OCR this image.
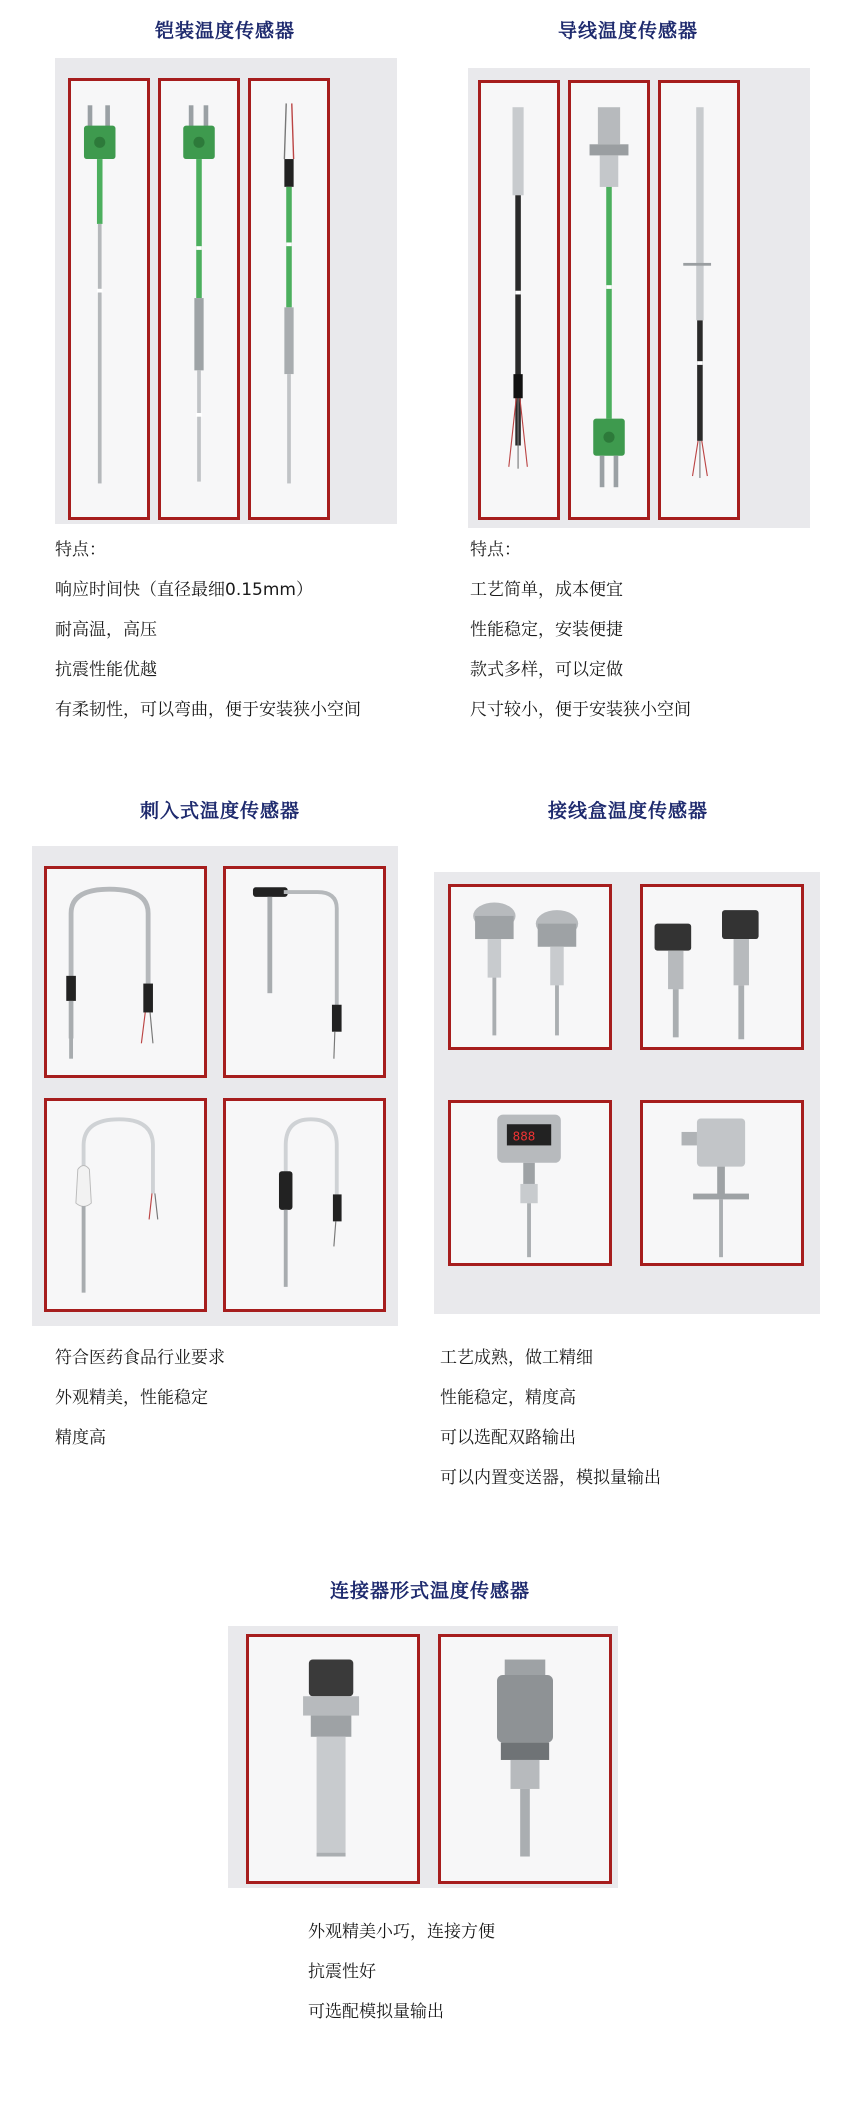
铠装温度传感器
特点：
响应时间快（直径最细0.15mm）
耐高温，高压
抗震性能优越
有柔韧性，可以弯曲，便于安装狭小空间
导线温度传感器
特点：
工艺简单，成本便宜
性能稳定，安装便捷
款式多样，可以定做
尺寸较小，便于安装狭小空间
刺入式温度传感器
符合医药食品行业要求
外观精美，性能稳定
精度高
接线盒温度传感器
888
工艺成熟，做工精细
性能稳定，精度高
可以选配双路输出
可以内置变送器，模拟量输出
连接器形式温度传感器
外观精美小巧，连接方便
抗震性好
可选配模拟量输出
